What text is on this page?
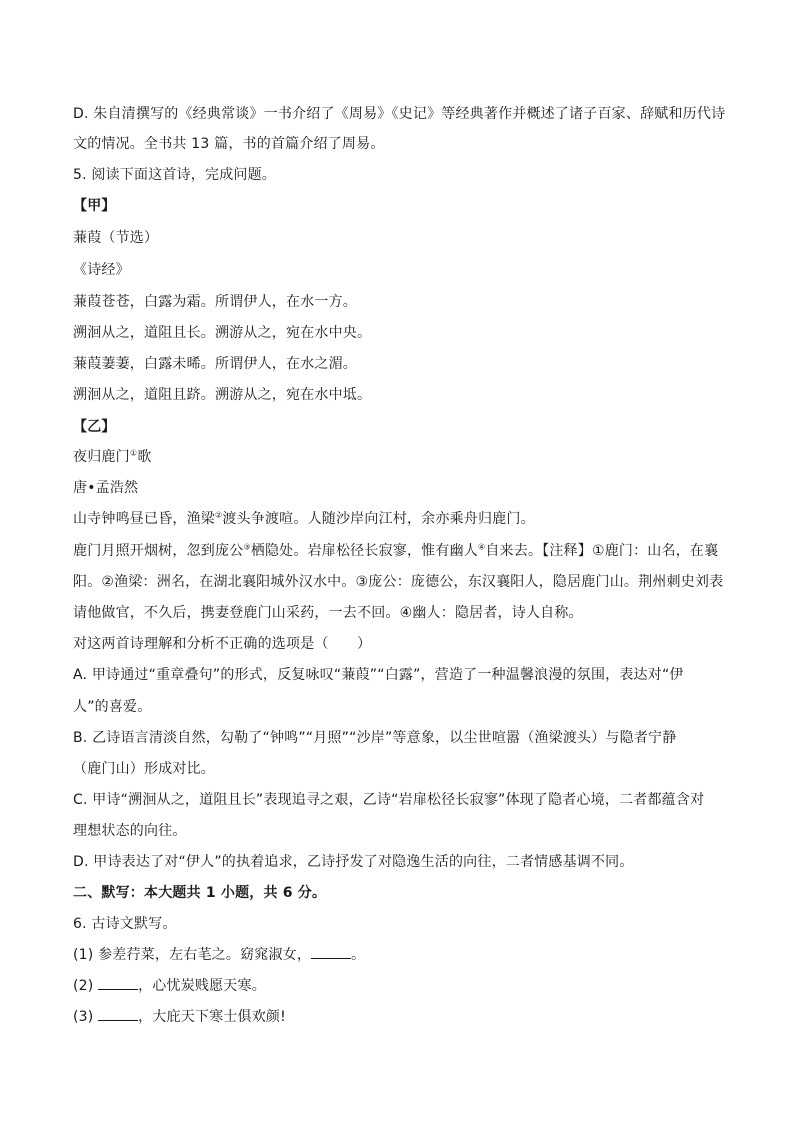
D. 朱自清撰写的《经典常谈》一书介绍了《周易》《史记》等经典著作并概述了诸子百家、辞赋和历代诗
文的情况。全书共 13 篇，书的首篇介绍了周易。
5. 阅读下面这首诗，完成问题。
【甲】
蒹葭（节选）
《诗经》
蒹葭苍苍，白露为霜。所谓伊人，在水一方。
溯洄从之，道阻且长。溯游从之，宛在水中央。
蒹葭萋萋，白露未晞。所谓伊人，在水之湄。
溯洄从之，道阻且跻。溯游从之，宛在水中坻。
【乙】
夜归鹿门①歌
唐•孟浩然
山寺钟鸣昼已昏，渔梁②渡头争渡喧。人随沙岸向江村，余亦乘舟归鹿门。
鹿门月照开烟树，忽到庞公③栖隐处。岩扉松径长寂寥，惟有幽人④自来去。【注释】①鹿门：山名，在襄
阳。②渔梁：洲名，在湖北襄阳城外汉水中。③庞公：庞德公，东汉襄阳人，隐居鹿门山。荆州刺史刘表
请他做官，不久后，携妻登鹿门山采药，一去不回。④幽人：隐居者，诗人自称。
对这两首诗理解和分析不正确的选项是（　　）
A. 甲诗通过“重章叠句”的形式，反复咏叹“蒹葭”“白露”，营造了一种温馨浪漫的氛围，表达对“伊
人”的喜爱。
B. 乙诗语言清淡自然，勾勒了“钟鸣”“月照”“沙岸”等意象，以尘世喧嚣（渔梁渡头）与隐者宁静
（鹿门山）形成对比。
C. 甲诗“溯洄从之，道阻且长”表现追寻之艰，乙诗“岩扉松径长寂寥”体现了隐者心境，二者都蕴含对
理想状态的向往。
D. 甲诗表达了对“伊人”的执着追求，乙诗抒发了对隐逸生活的向往，二者情感基调不同。
二、默写：本大题共 1 小题，共 6 分。
6. 古诗文默写。
(1) 参差荇菜，左右芼之。窈窕淑女，	。
(2)	，心忧炭贱愿天寒。
(3)	，大庇天下寒士俱欢颜!
